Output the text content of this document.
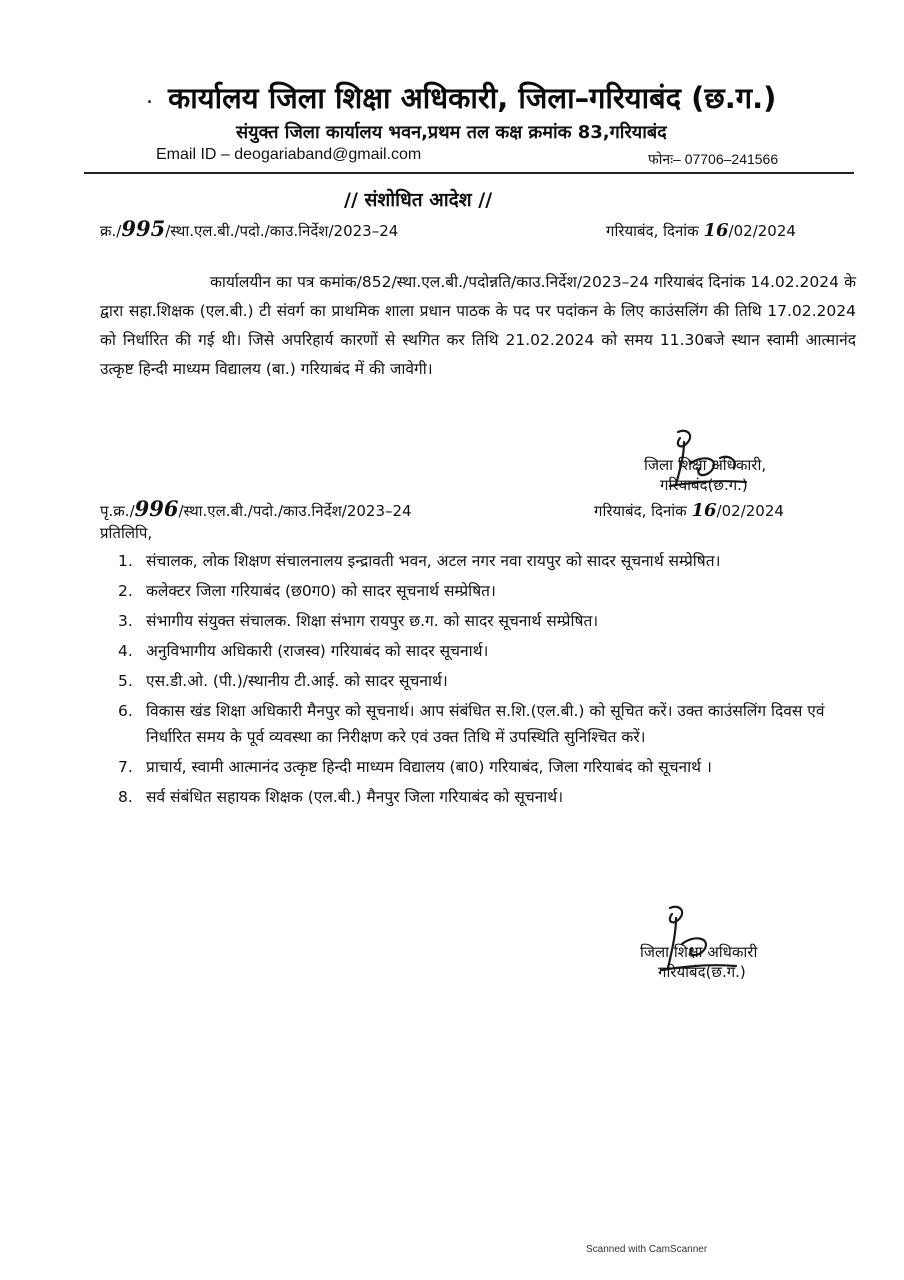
. कार्यालय जिला शिक्षा अधिकारी, जिला–गरियाबंद (छ.ग.)
संयुक्त जिला कार्यालय भवन,प्रथम तल कक्ष क्रमांक 83,गरियाबंद
Email ID – deogariaband@gmail.com	फोनः– 07706–241566
// संशोधित आदेश //
क्र./995/स्था.एल.बी./पदो./काउ.निर्देश/2023–24	गरियाबंद, दिनांक 16/02/2024

कार्यालयीन का पत्र कमांक/852/स्था.एल.बी./पदोन्नति/काउ.निर्देश/2023–24 गरियाबंद दिनांक 14.02.2024 के द्वारा सहा.शिक्षक (एल.बी.) टी संवर्ग का प्राथमिक शाला प्रधान पाठक के पद पर पदांकन के लिए काउंसलिंग की तिथि 17.02.2024 को निर्धारित की गई थी। जिसे अपरिहार्य कारणों से स्थगित कर तिथि 21.02.2024 को समय 11.30बजे स्थान स्वामी आत्मानंद उत्कृष्ट हिन्दी माध्यम विद्यालय (बा.) गरियाबंद में की जावेगी।

जिला शिक्षा अधिकारी,
गरियाबंद(छ.ग.)
पृ.क्र./996/स्था.एल.बी./पदो./काउ.निर्देश/2023–24	गरियाबंद, दिनांक 16/02/2024
प्रतिलिपि,
1. संचालक, लोक शिक्षण संचालनालय इन्द्रावती भवन, अटल नगर नवा रायपुर को सादर सूचनार्थ सम्प्रेषित।
2. कलेक्टर जिला गरियाबंद (छ0ग0) को सादर सूचनार्थ सम्प्रेषित।
3. संभागीय संयुक्त संचालक. शिक्षा संभाग रायपुर छ.ग. को सादर सूचनार्थ सम्प्रेषित।
4. अनुविभागीय अधिकारी (राजस्व) गरियाबंद को सादर सूचनार्थ।
5. एस.डी.ओ. (पी.)/स्थानीय टी.आई. को सादर सूचनार्थ।
6. विकास खंड शिक्षा अधिकारी मैनपुर को सूचनार्थ। आप संबंधित स.शि.(एल.बी.) को सूचित करें। उक्त काउंसलिंग दिवस एवं निर्धारित समय के पूर्व व्यवस्था का निरीक्षण करे एवं उक्त तिथि में उपस्थिति सुनिश्चित करें।
7. प्राचार्य, स्वामी आत्मानंद उत्कृष्ट हिन्दी माध्यम विद्यालय (बा0) गरियाबंद, जिला गरियाबंद को सूचनार्थ ।
8. सर्व संबंधित सहायक शिक्षक (एल.बी.) मैनपुर जिला गरियाबंद को सूचनार्थ।
जिला शिक्षा अधिकारी
गरियाबंद(छ.ग.)
Scanned with CamScanner
